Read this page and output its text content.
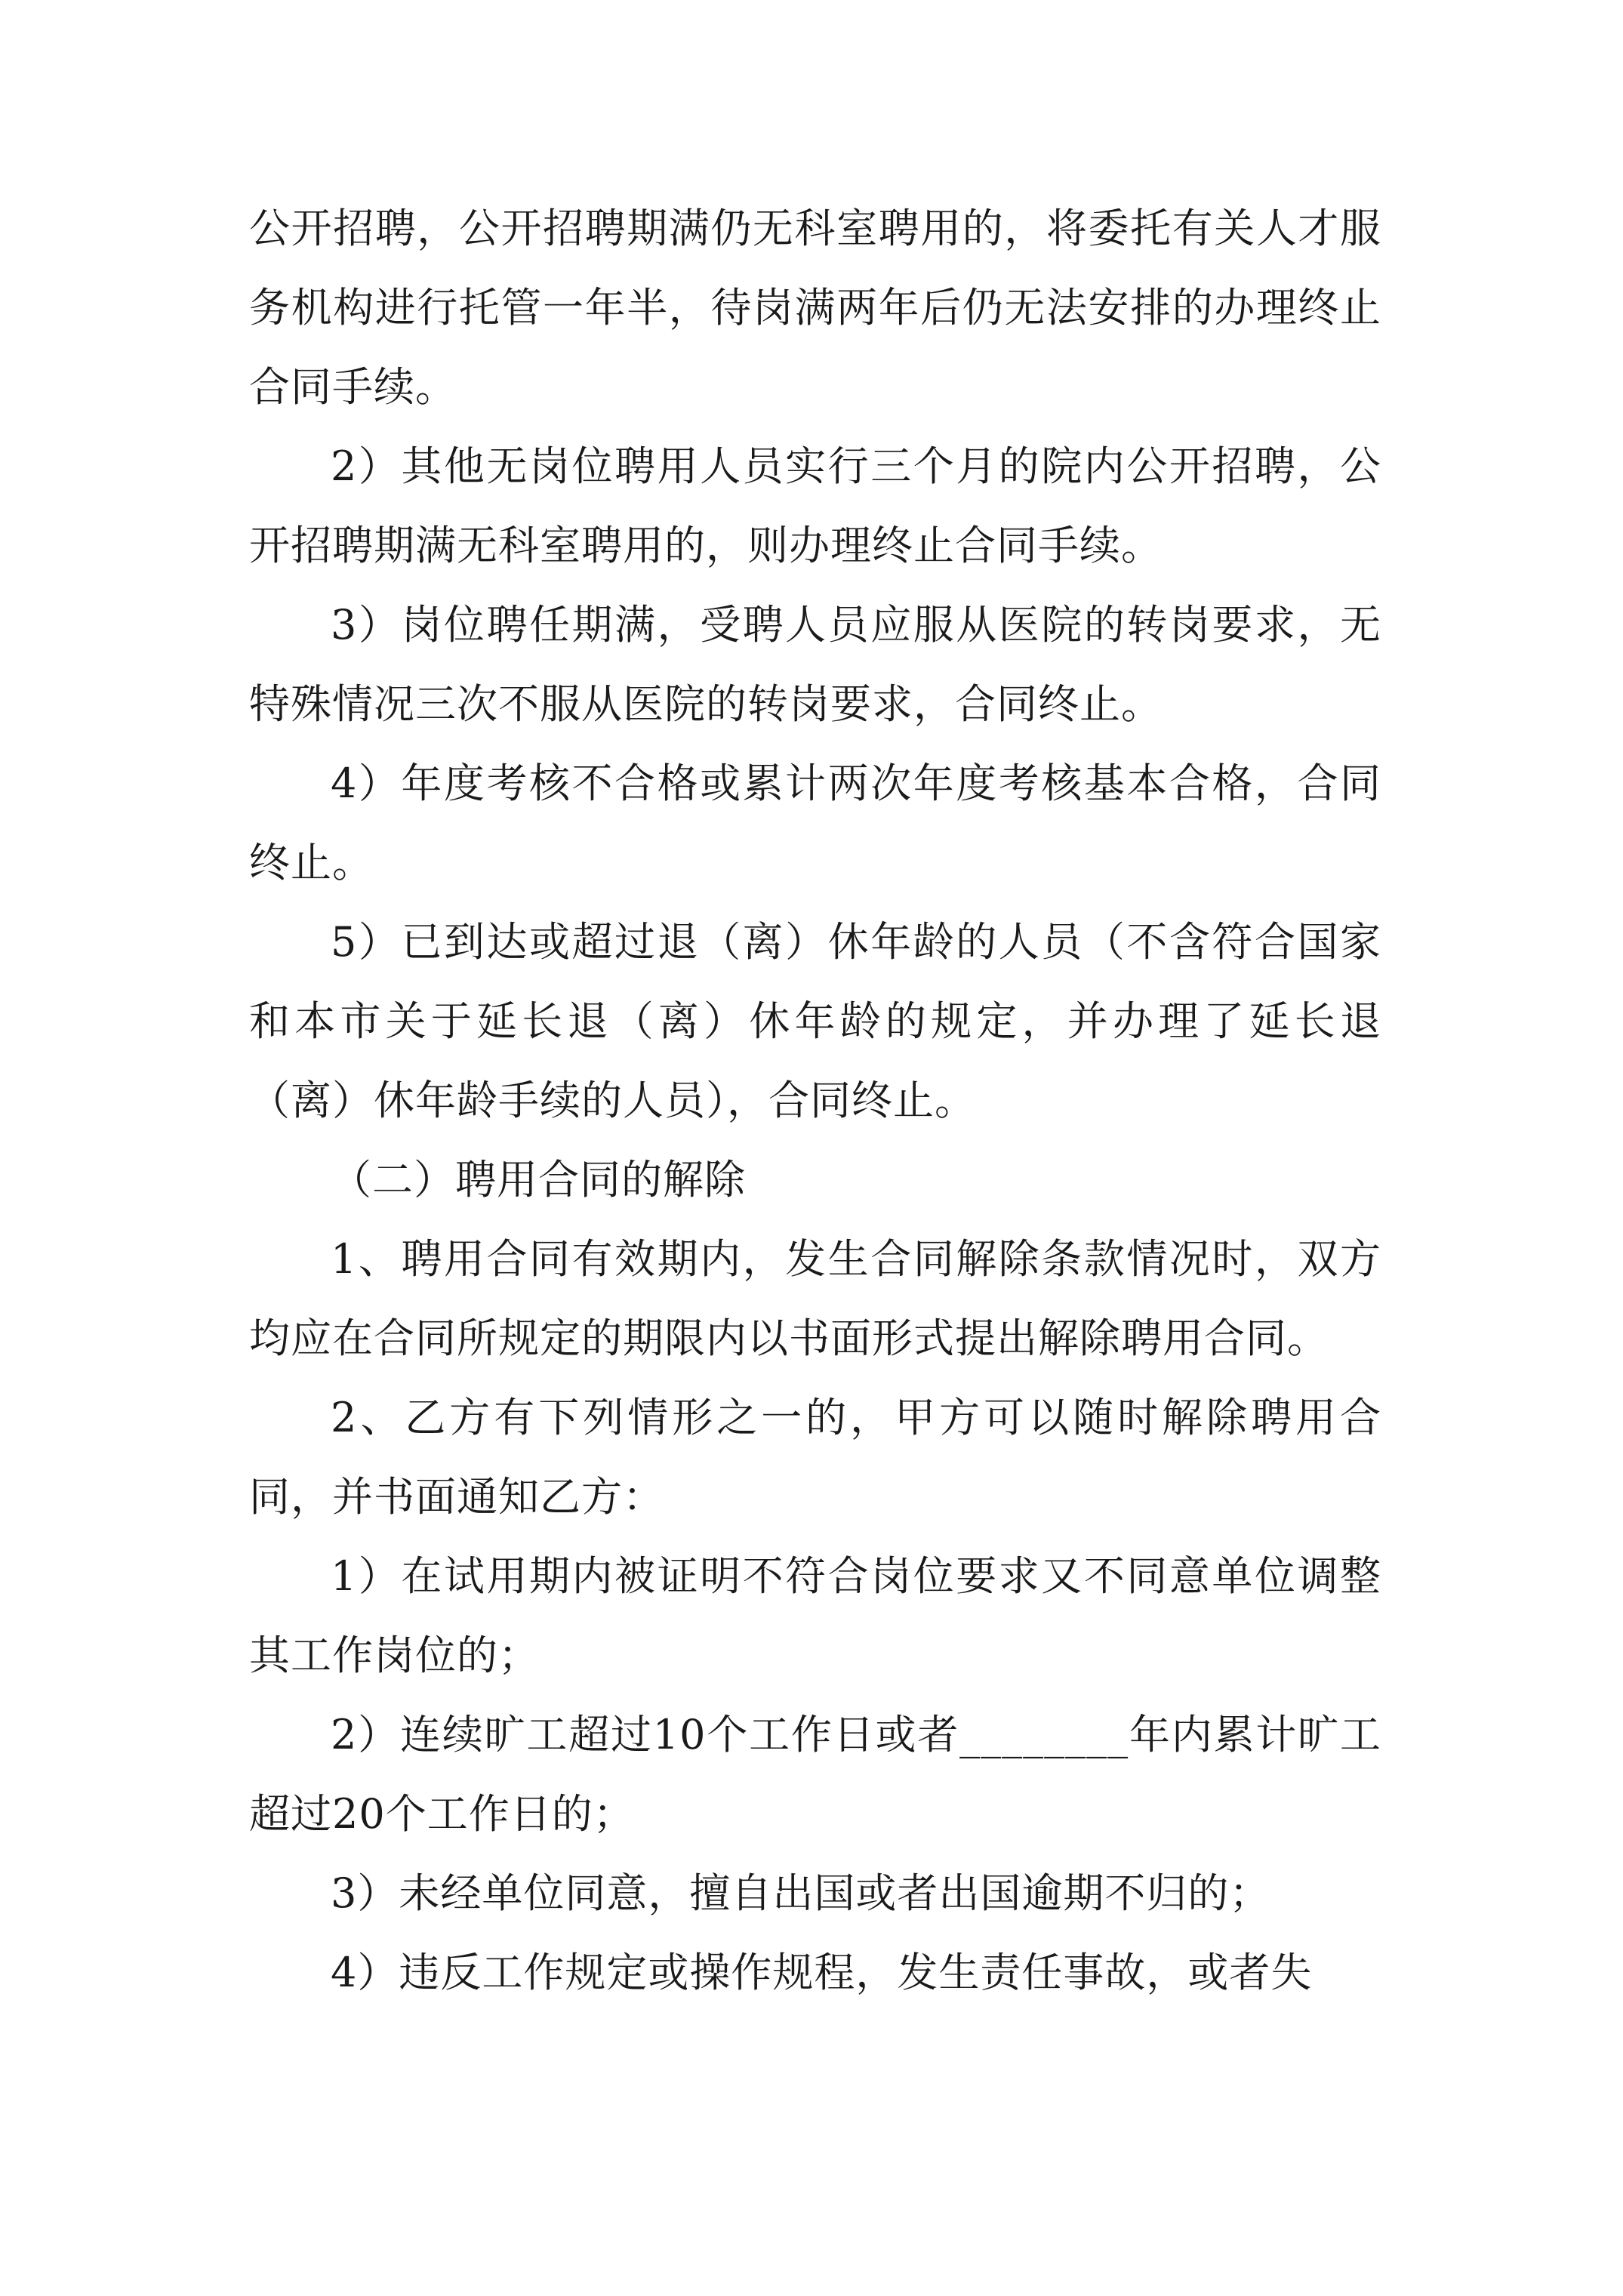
公开招聘，公开招聘期满仍无科室聘用的，将委托有关人才服务机构进行托管一年半，待岗满两年后仍无法安排的办理终止合同手续。

2）其他无岗位聘用人员实行三个月的院内公开招聘，公开招聘期满无科室聘用的，则办理终止合同手续。

3）岗位聘任期满，受聘人员应服从医院的转岗要求，无特殊情况三次不服从医院的转岗要求，合同终止。

4）年度考核不合格或累计两次年度考核基本合格，合同终止。

5）已到达或超过退（离）休年龄的人员（不含符合国家和本市关于延长退（离）休年龄的规定，并办理了延长退（离）休年龄手续的人员），合同终止。

（二）聘用合同的解除

1、聘用合同有效期内，发生合同解除条款情况时，双方均应在合同所规定的期限内以书面形式提出解除聘用合同。

2、乙方有下列情形之一的，甲方可以随时解除聘用合同，并书面通知乙方：

1）在试用期内被证明不符合岗位要求又不同意单位调整其工作岗位的；

2）连续旷工超过10个工作日或者________年内累计旷工超过20个工作日的；

3）未经单位同意，擅自出国或者出国逾期不归的；

4）违反工作规定或操作规程，发生责任事故，或者失
